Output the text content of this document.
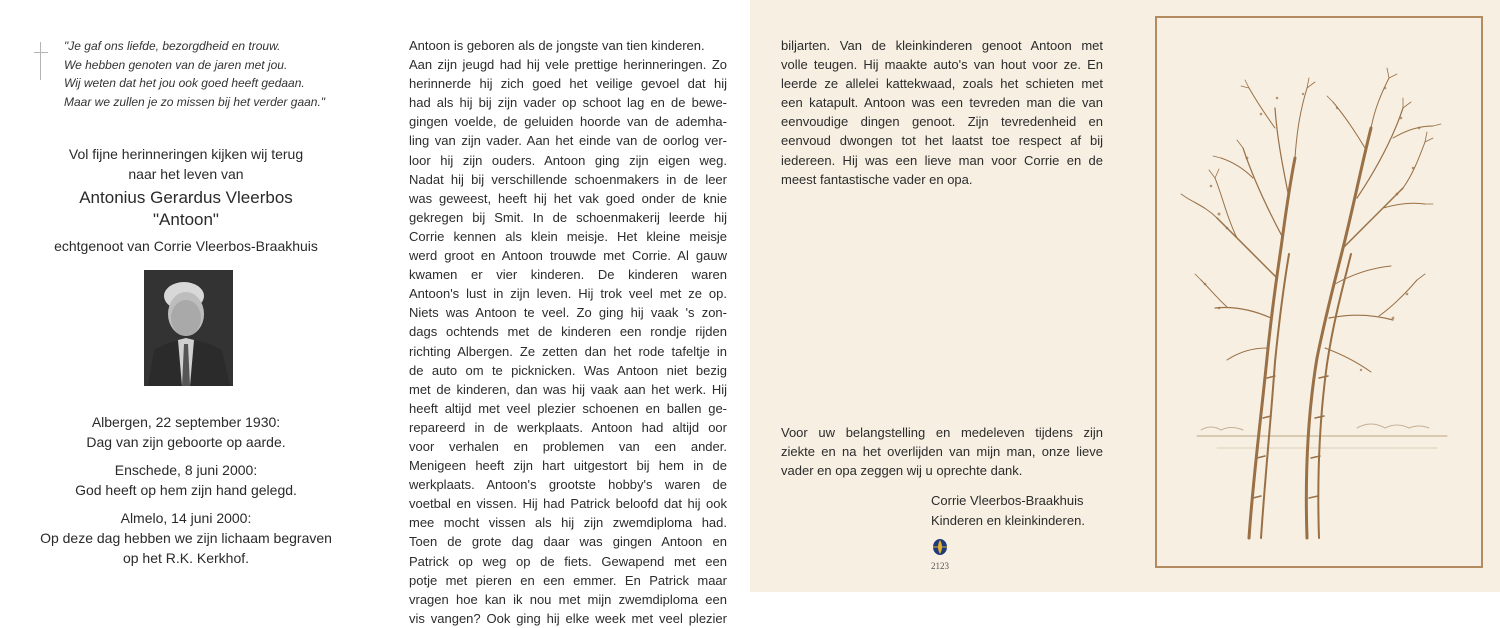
"Je gaf ons liefde, bezorgdheid en trouw.
We hebben genoten van de jaren met jou.
Wij weten dat het jou ook goed heeft gedaan.
Maar we zullen je zo missen bij het verder gaan."
Vol fijne herinneringen kijken wij terug
naar het leven van
Antonius Gerardus Vleerbos
"Antoon"
echtgenoot van Corrie Vleerbos-Braakhuis
Albergen, 22 september 1930:
Dag van zijn geboorte op aarde.
Enschede, 8 juni 2000:
God heeft op hem zijn hand gelegd.
Almelo, 14 juni 2000:
Op deze dag hebben we zijn lichaam begraven
op het R.K. Kerkhof.
Antoon is geboren als de jongste van tien kinderen.
Aan zijn jeugd had hij vele prettige herinneringen. Zo
herinnerde hij zich goed het veilige gevoel dat hij
had als hij bij zijn vader op schoot lag en de bewe-
gingen voelde, de geluiden hoorde van de ademha-
ling van zijn vader. Aan het einde van de oorlog ver-
loor hij zijn ouders. Antoon ging zijn eigen weg.
Nadat hij bij verschillende schoenmakers in de leer
was geweest, heeft hij het vak goed onder de knie
gekregen bij Smit. In de schoenmakerij leerde hij
Corrie kennen als klein meisje. Het kleine meisje
werd groot en Antoon trouwde met Corrie. Al gauw
kwamen er vier kinderen. De kinderen waren
Antoon's lust in zijn leven. Hij trok veel met ze op.
Niets was Antoon te veel. Zo ging hij vaak 's zon-
dags ochtends met de kinderen een rondje rijden
richting Albergen. Ze zetten dan het rode tafeltje in
de auto om te picknicken. Was Antoon niet bezig
met de kinderen, dan was hij vaak aan het werk. Hij
heeft altijd met veel plezier schoenen en ballen ge-
repareerd in de werkplaats. Antoon had altijd oor
voor verhalen en problemen van een ander.
Menigeen heeft zijn hart uitgestort bij hem in de
werkplaats. Antoon's grootste hobby's waren de
voetbal en vissen. Hij had Patrick beloofd dat hij ook
mee mocht vissen als hij zijn zwemdiploma had.
Toen de grote dag daar was gingen Antoon en
Patrick op weg op de fiets. Gewapend met een
potje met pieren en een emmer. En Patrick maar
vragen hoe kan ik nou met mijn zwemdiploma een
vis vangen? Ook ging hij elke week met veel plezier
biljarten. Van de kleinkinderen genoot Antoon met
volle teugen. Hij maakte auto's van hout voor ze. En
leerde ze allelei kattekwaad, zoals het schieten met
een katapult. Antoon was een tevreden man die van
eenvoudige dingen genoot. Zijn tevredenheid en
eenvoud dwongen tot het laatst toe respect af bij
iedereen. Hij was een lieve man voor Corrie en de
meest fantastische vader en opa.
Voor uw belangstelling en medeleven tijdens zijn
ziekte en na het overlijden van mijn man, onze lieve
vader en opa zeggen wij u oprechte dank.
Corrie Vleerbos-Braakhuis
Kinderen en kleinkinderen.
2123
